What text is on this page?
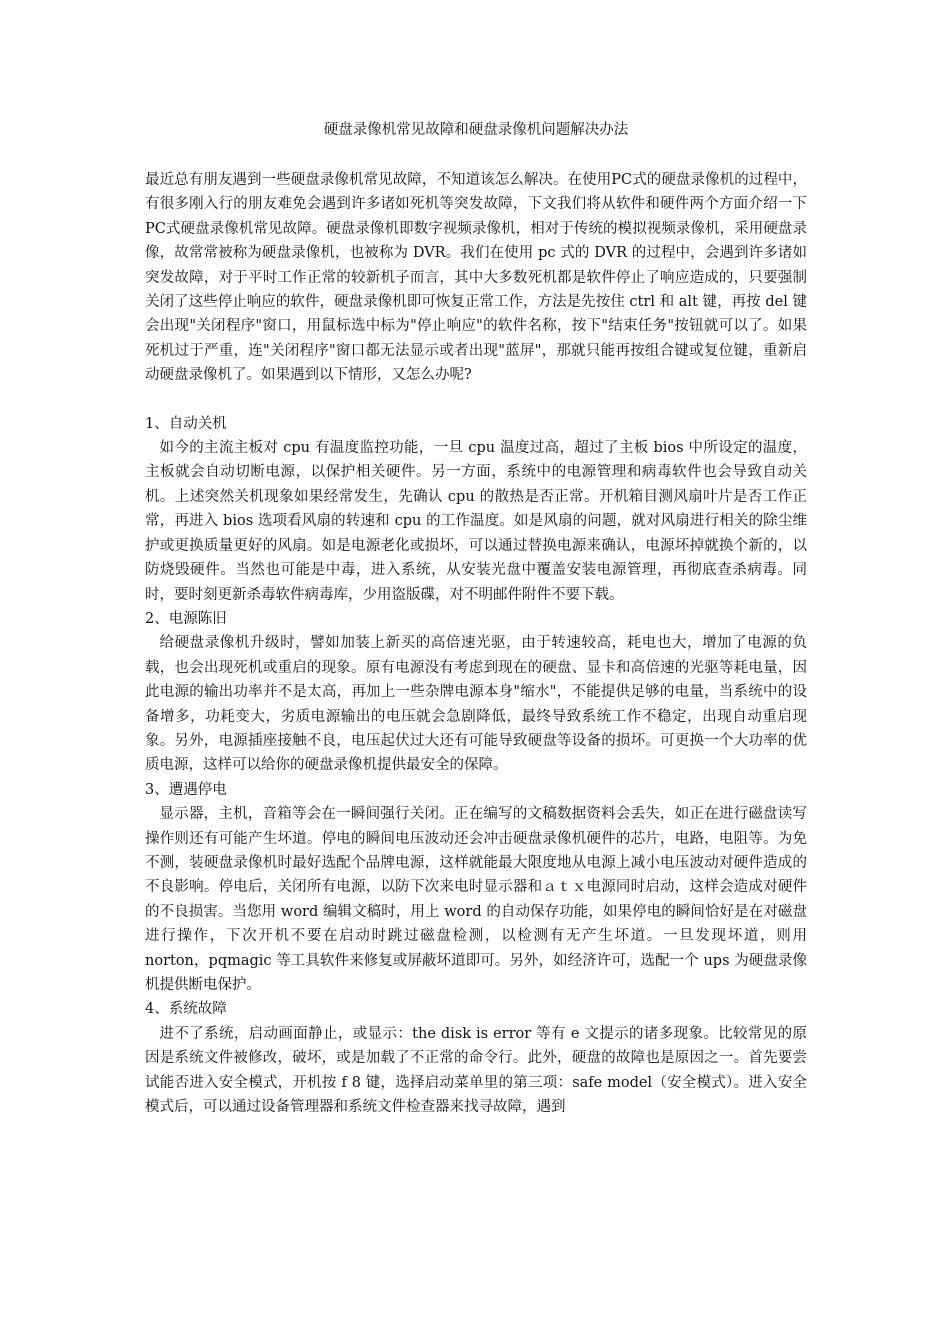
硬盘录像机常见故障和硬盘录像机问题解决办法

最近总有朋友遇到一些硬盘录像机常见故障，不知道该怎么解决。在使用PC式的硬盘录像机的过程中，有很多刚入行的朋友难免会遇到许多诸如死机等突发故障，下文我们将从软件和硬件两个方面介绍一下PC式硬盘录像机常见故障。硬盘录像机即数字视频录像机，相对于传统的模拟视频录像机，采用硬盘录像，故常常被称为硬盘录像机，也被称为 DVR。我们在使用 pc 式的 DVR 的过程中，会遇到许多诸如突发故障，对于平时工作正常的较新机子而言，其中大多数死机都是软件停止了响应造成的，只要强制关闭了这些停止响应的软件，硬盘录像机即可恢复正常工作，方法是先按住 ctrl 和 alt 键，再按 del 键会出现"关闭程序"窗口，用鼠标选中标为"停止响应"的软件名称，按下"结束任务"按钮就可以了。如果死机过于严重，连"关闭程序"窗口都无法显示或者出现"蓝屏"，那就只能再按组合键或复位键，重新启动硬盘录像机了。如果遇到以下情形，又怎么办呢?

1、自动关机

如今的主流主板对 cpu 有温度监控功能，一旦 cpu 温度过高，超过了主板 bios 中所设定的温度，主板就会自动切断电源，以保护相关硬件。另一方面，系统中的电源管理和病毒软件也会导致自动关机。上述突然关机现象如果经常发生，先确认 cpu 的散热是否正常。开机箱目测风扇叶片是否工作正常，再进入 bios 选项看风扇的转速和 cpu 的工作温度。如是风扇的问题，就对风扇进行相关的除尘维护或更换质量更好的风扇。如是电源老化或损坏，可以通过替换电源来确认，电源坏掉就换个新的，以防烧毁硬件。当然也可能是中毒，进入系统，从安装光盘中覆盖安装电源管理，再彻底查杀病毒。同时，要时刻更新杀毒软件病毒库，少用盗版碟，对不明邮件附件不要下载。

2、电源陈旧

给硬盘录像机升级时，譬如加装上新买的高倍速光驱，由于转速较高，耗电也大，增加了电源的负载，也会出现死机或重启的现象。原有电源没有考虑到现在的硬盘、显卡和高倍速的光驱等耗电量，因此电源的输出功率并不是太高，再加上一些杂牌电源本身"缩水"，不能提供足够的电量，当系统中的设备增多，功耗变大，劣质电源输出的电压就会急剧降低，最终导致系统工作不稳定，出现自动重启现象。另外，电源插座接触不良，电压起伏过大还有可能导致硬盘等设备的损坏。可更换一个大功率的优质电源，这样可以给你的硬盘录像机提供最安全的保障。

3、遭遇停电

显示器，主机，音箱等会在一瞬间强行关闭。正在编写的文稿数据资料会丢失，如正在进行磁盘读写操作则还有可能产生坏道。停电的瞬间电压波动还会冲击硬盘录像机硬件的芯片，电路，电阻等。为免不测，装硬盘录像机时最好选配个品牌电源，这样就能最大限度地从电源上减小电压波动对硬件造成的不良影响。停电后，关闭所有电源，以防下次来电时显示器和ａｔｘ电源同时启动，这样会造成对硬件的不良损害。当您用 word 编辑文稿时，用上 word 的自动保存功能，如果停电的瞬间恰好是在对磁盘进行操作，下次开机不要在启动时跳过磁盘检测，以检测有无产生坏道。一旦发现坏道，则用 norton，pqmagic 等工具软件来修复或屏蔽坏道即可。另外，如经济许可，选配一个 ups 为硬盘录像机提供断电保护。

4、系统故障

进不了系统，启动画面静止，或显示：the disk is error 等有 e 文提示的诸多现象。比较常见的原因是系统文件被修改，破坏，或是加载了不正常的命令行。此外，硬盘的故障也是原因之一。首先要尝试能否进入安全模式，开机按 f 8 键，选择启动菜单里的第三项：safe model（安全模式）。进入安全模式后，可以通过设备管理器和系统文件检查器来找寻故障，遇到
